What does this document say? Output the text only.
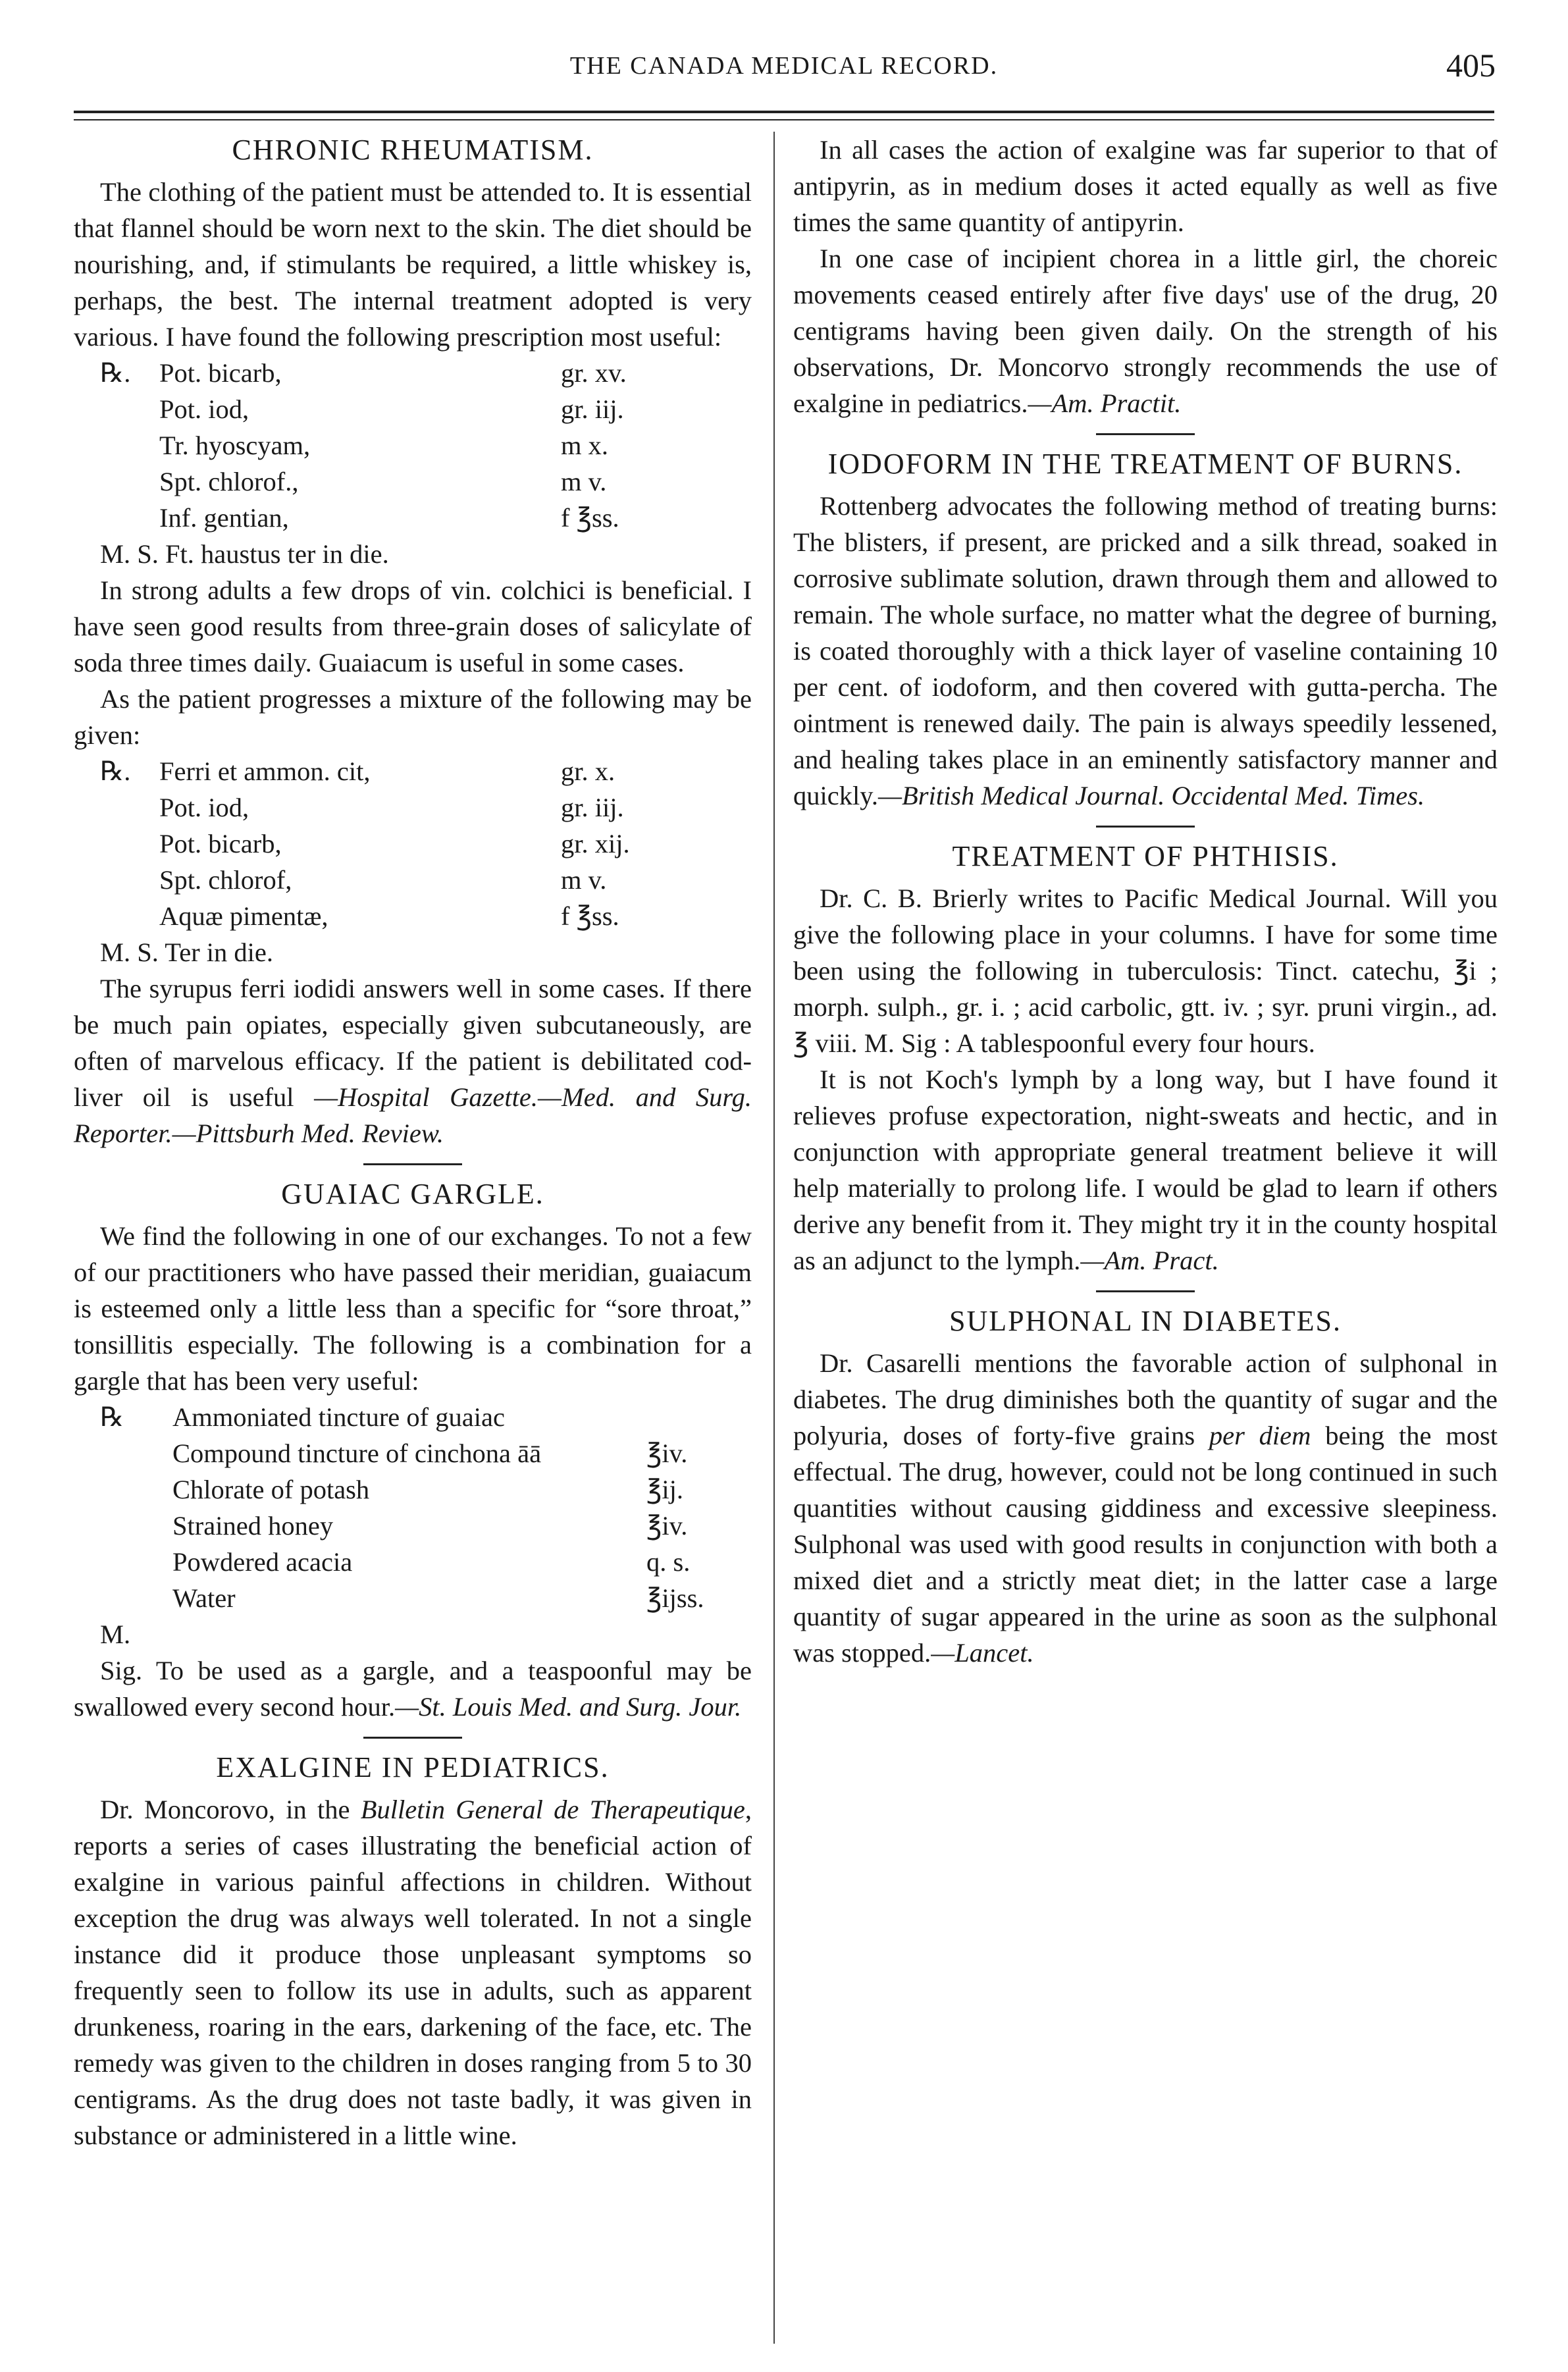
THE CANADA MEDICAL RECORD.	405
CHRONIC RHEUMATISM.

The clothing of the patient must be attended to. It is essential that flannel should be worn next to the skin. The diet should be nourishing, and, if stimulants be required, a little whiskey is, perhaps, the best. The internal treatment adopted is very various. I have found the following prescription most useful:

℞.	Pot. bicarb,	gr. xv.
Pot. iod,	gr. iij.
Tr. hyoscyam,	m x.
Spt. chlorof.,	m v.
Inf. gentian,	f ℥ss.
M. S. Ft. haustus ter in die.

In strong adults a few drops of vin. colchici is beneficial. I have seen good results from three-grain doses of salicylate of soda three times daily. Guaiacum is useful in some cases.

As the patient progresses a mixture of the following may be given:

℞.	Ferri et ammon. cit,	gr. x.
Pot. iod,	gr. iij.
Pot. bicarb,	gr. xij.
Spt. chlorof,	m v.
Aquæ pimentæ,	f ℥ss.
M. S. Ter in die.

The syrupus ferri iodidi answers well in some cases. If there be much pain opiates, especially given subcutaneously, are often of marvelous efficacy. If the patient is debilitated cod-liver oil is useful —Hospital Gazette.—Med. and Surg. Reporter.—Pittsburh Med. Review.

GUAIAC GARGLE.

We find the following in one of our exchanges. To not a few of our practitioners who have passed their meridian, guaiacum is esteemed only a little less than a specific for “sore throat,” tonsillitis especially. The following is a combination for a gargle that has been very useful:

℞	Ammoniated tincture of guaiac
Compound tincture of cinchona āā	℥iv.
Chlorate of potash	℥ij.
Strained honey	℥iv.
Powdered acacia	q. s.
Water	℥ijss.
M.

Sig. To be used as a gargle, and a teaspoonful may be swallowed every second hour.—St. Louis Med. and Surg. Jour.

EXALGINE IN PEDIATRICS.

Dr. Moncorovo, in the Bulletin General de Therapeutique, reports a series of cases illustrating the beneficial action of exalgine in various painful affections in children. Without exception the drug was always well tolerated. In not a single instance did it produce those unpleasant symptoms so frequently seen to follow its use in adults, such as apparent drunkeness, roaring in the ears, darkening of the face, etc. The remedy was given to the children in doses ranging from 5 to 30 centigrams. As the drug does not taste badly, it was given in substance or administered in a little wine.

In all cases the action of exalgine was far superior to that of antipyrin, as in medium doses it acted equally as well as five times the same quantity of antipyrin.

In one case of incipient chorea in a little girl, the choreic movements ceased entirely after five days' use of the drug, 20 centigrams having been given daily. On the strength of his observations, Dr. Moncorvo strongly recommends the use of exalgine in pediatrics.—Am. Practit.

IODOFORM IN THE TREATMENT OF BURNS.

Rottenberg advocates the following method of treating burns: The blisters, if present, are pricked and a silk thread, soaked in corrosive sublimate solution, drawn through them and allowed to remain. The whole surface, no matter what the degree of burning, is coated thoroughly with a thick layer of vaseline containing 10 per cent. of iodoform, and then covered with gutta-percha. The ointment is renewed daily. The pain is always speedily lessened, and healing takes place in an eminently satisfactory manner and quickly.—British Medical Journal. Occidental Med. Times.

TREATMENT OF PHTHISIS.

Dr. C. B. Brierly writes to Pacific Medical Journal. Will you give the following place in your columns. I have for some time been using the following in tuberculosis: Tinct. catechu, ℥i ; morph. sulph., gr. i. ; acid carbolic, gtt. iv. ; syr. pruni virgin., ad. ℥ viii. M. Sig : A tablespoonful every four hours.

It is not Koch's lymph by a long way, but I have found it relieves profuse expectoration, night-sweats and hectic, and in conjunction with appropriate general treatment believe it will help materially to prolong life. I would be glad to learn if others derive any benefit from it. They might try it in the county hospital as an adjunct to the lymph.—Am. Pract.

SULPHONAL IN DIABETES.

Dr. Casarelli mentions the favorable action of sulphonal in diabetes. The drug diminishes both the quantity of sugar and the polyuria, doses of forty-five grains per diem being the most effectual. The drug, however, could not be long continued in such quantities without causing giddiness and excessive sleepiness. Sulphonal was used with good results in conjunction with both a mixed diet and a strictly meat diet; in the latter case a large quantity of sugar appeared in the urine as soon as the sulphonal was stopped.—Lancet.
